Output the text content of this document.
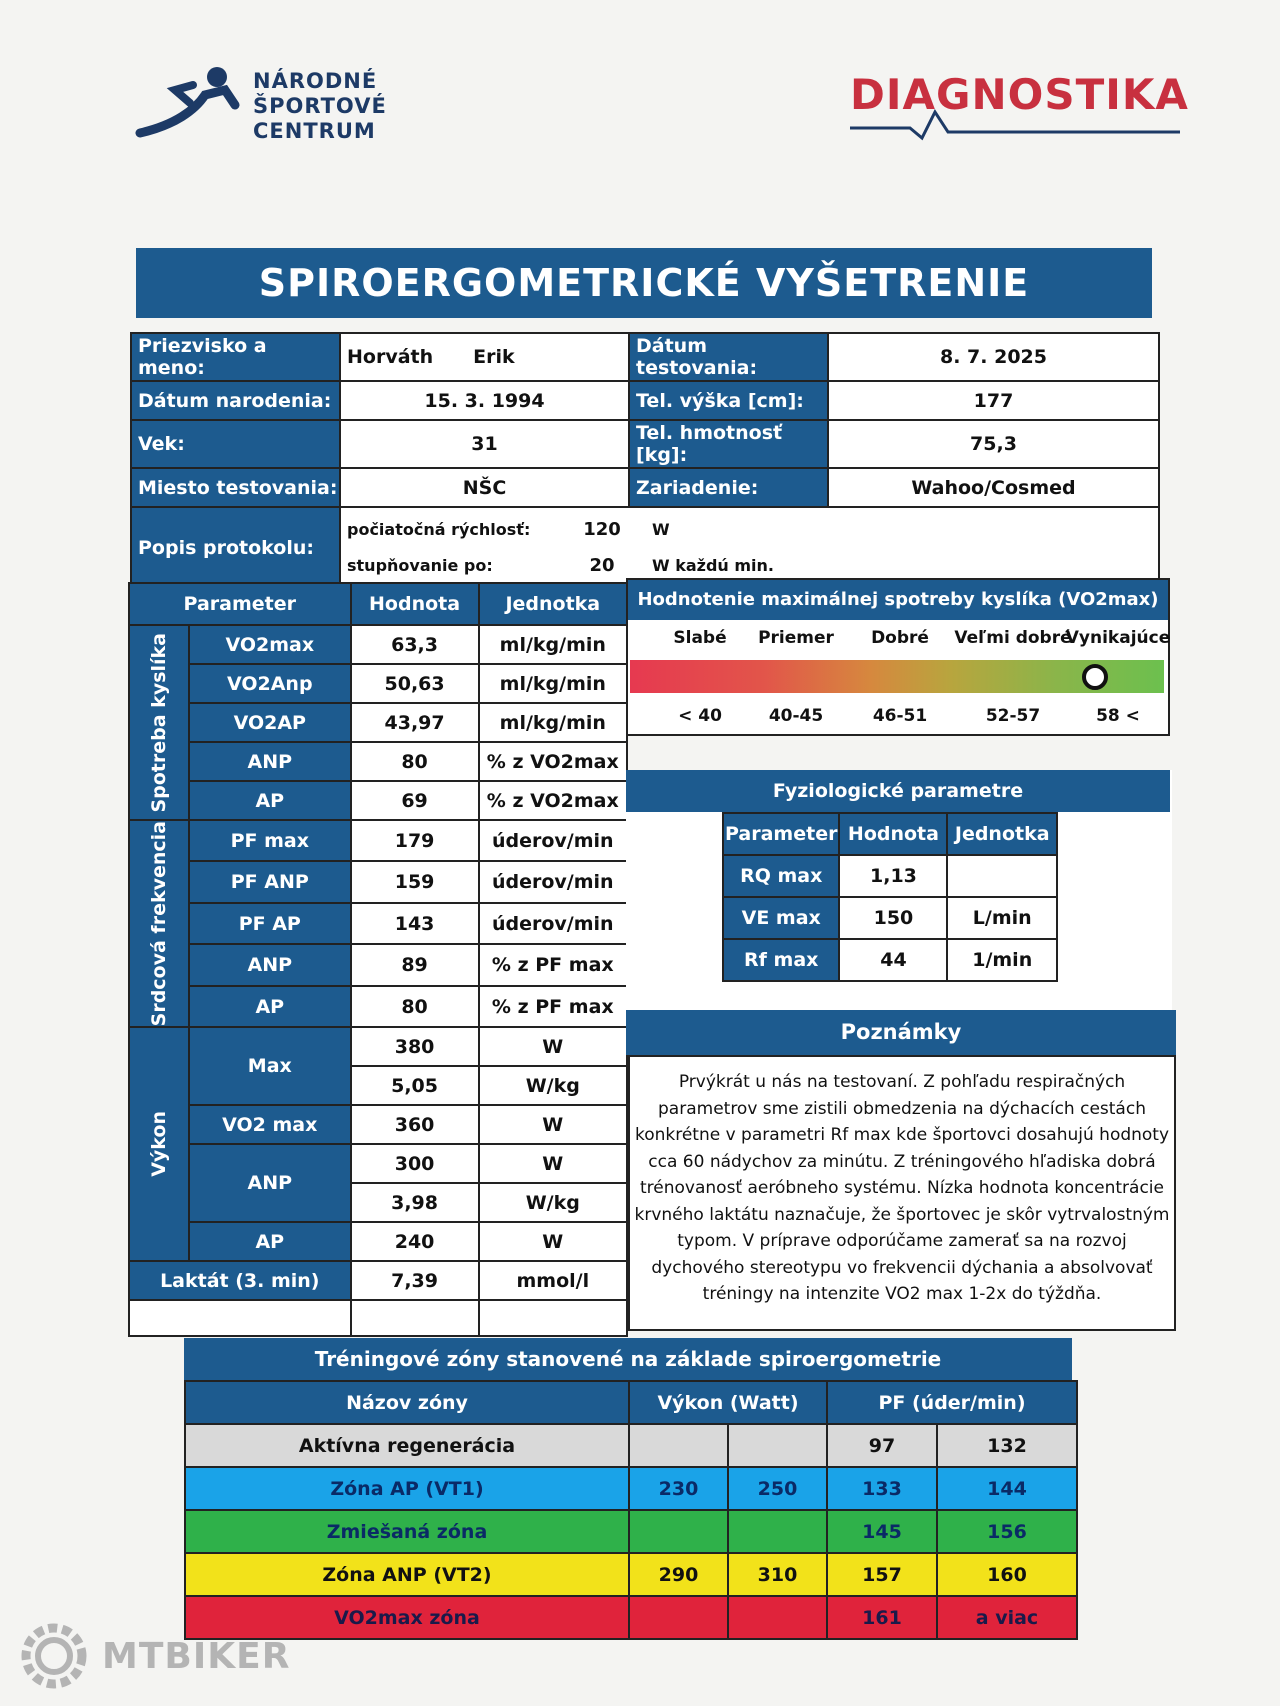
NÁRODNÉ
ŠPORTOVÉ
CENTRUM
DIAGNOSTIKA
SPIROERGOMETRICKÉ VYŠETRENIE
Priezvisko a meno:	Horváth Erik	Dátum testovania:	8. 7. 2025
Dátum narodenia:	15. 3. 1994	Tel. výška [cm]:	177
Vek:	31	Tel. hmotnosť [kg]:	75,3
Miesto testovania:	NŠC	Zariadenie:	Wahoo/Cosmed
Popis protokolu:	počiatočná rýchlosť: 120 W
stupňovanie po: 20 W každú min.		
Parameter		Hodnota	Jednotka

Spotreba kyslíka	VO2max	63,3	ml/kg/min
	VO2Anp	50,63	ml/kg/min
	VO2AP	43,97	ml/kg/min
	ANP	80	% z VO2max
	AP	69	% z VO2max

Srdcová frekvencia	PF max	179	úderov/min
	PF ANP	159	úderov/min
	PF AP	143	úderov/min
	ANP	89	% z PF max
	AP	80	% z PF max

Výkon	Max	380	W
		5,05	W/kg
	VO2 max	360	W
	ANP	300	W
		3,98	W/kg
	AP	240	W
Laktát (3. min)		7,39	mmol/l

Hodnotenie maximálnej spotreby kyslíka (VO2max)
Slabé	Priemer	Dobré	Veľmi dobré
Vynikajúce
< 40	40-45	46-51	52-57	58 <
Fyziologické parametre
Parameter	Hodnota	Jednotka
RQ max	1,13	
VE max	150	L/min
Rf max	44	1/min
Poznámky
Prvýkrát u nás na testovaní. Z pohľadu respiračných parametrov sme zistili obmedzenia na dýchacích cestách konkrétne v parametri Rf max kde športovci dosahujú hodnoty cca 60 nádychov za minútu. Z tréningového hľadiska dobrá trénovanosť aeróbneho systému. Nízka hodnota koncentrácie krvného laktátu naznačuje, že športovec je skôr vytrvalostným typom. V príprave odporúčame zamerať sa na rozvoj dychového stereotypu vo frekvencii dýchania a absolvovať tréningy na intenzite VO2 max 1-2x do týždňa.
Tréningové zóny stanovené na základe spiroergometrie
Názov zóny	Výkon (Watt)		PF (úder/min)	
Aktívna regenerácia			97	132
Zóna AP (VT1)	230	250	133	144
Zmiešaná zóna			145	156
Zóna ANP (VT2)	290	310	157	160
VO2max zóna			161	a viac
MTBIKER
